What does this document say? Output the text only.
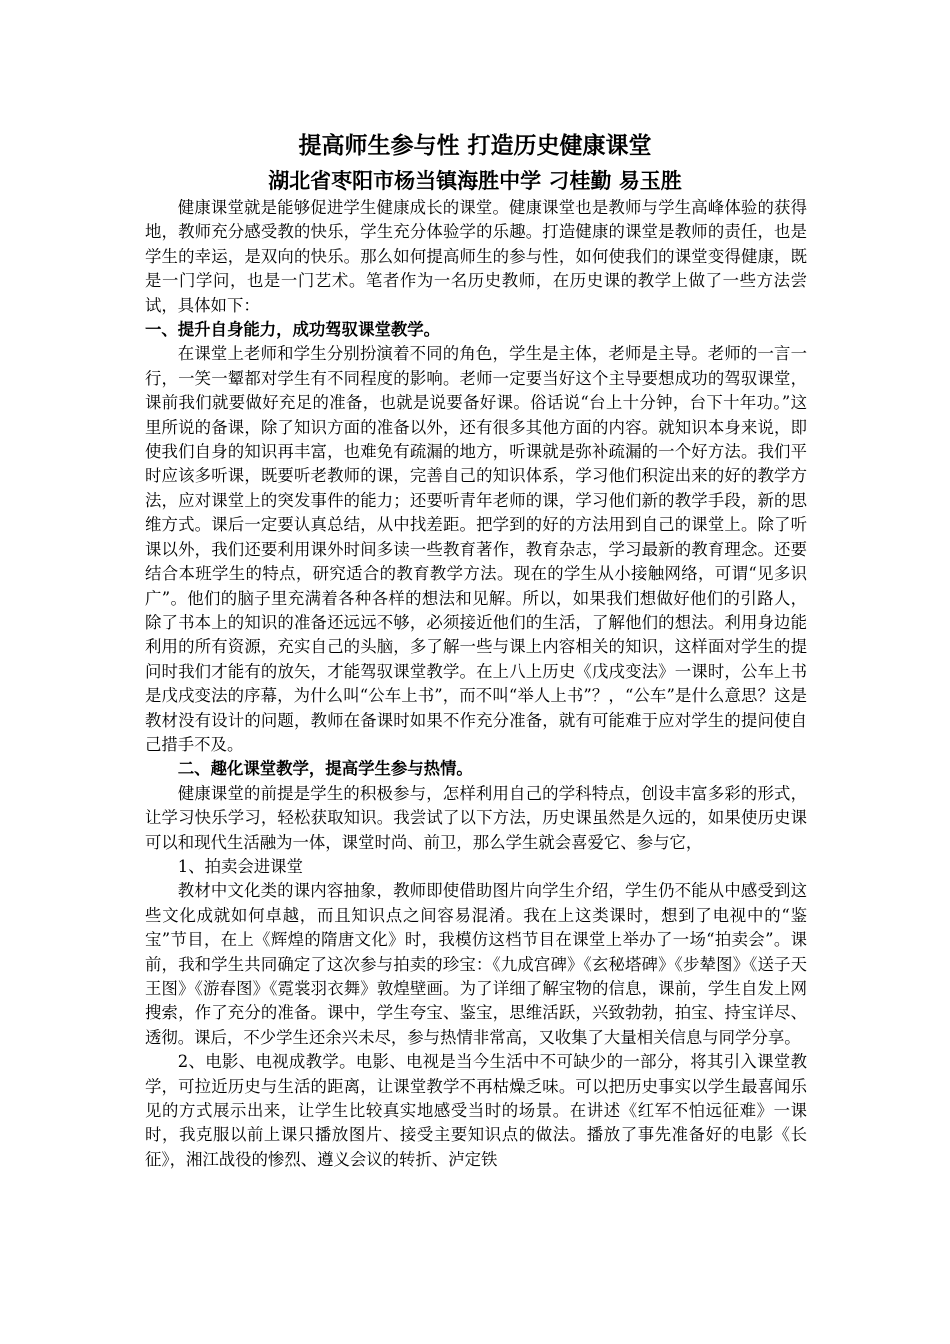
提高师生参与性 打造历史健康课堂
湖北省枣阳市杨当镇海胜中学 刁桂勤 易玉胜

健康课堂就是能够促进学生健康成长的课堂。健康课堂也是教师与学生高峰体验的获得地，教师充分感受教的快乐，学生充分体验学的乐趣。打造健康的课堂是教师的责任，也是学生的幸运，是双向的快乐。那么如何提高师生的参与性，如何使我们的课堂变得健康，既是一门学问，也是一门艺术。笔者作为一名历史教师，在历史课的教学上做了一些方法尝试，具体如下：

一、提升自身能力，成功驾驭课堂教学。

在课堂上老师和学生分别扮演着不同的角色，学生是主体，老师是主导。老师的一言一行，一笑一颦都对学生有不同程度的影响。老师一定要当好这个主导要想成功的驾驭课堂，课前我们就要做好充足的准备，也就是说要备好课。俗话说“台上十分钟，台下十年功。”这里所说的备课，除了知识方面的准备以外，还有很多其他方面的内容。就知识本身来说，即使我们自身的知识再丰富，也难免有疏漏的地方，听课就是弥补疏漏的一个好方法。我们平时应该多听课，既要听老教师的课，完善自己的知识体系，学习他们积淀出来的好的教学方法，应对课堂上的突发事件的能力；还要听青年老师的课，学习他们新的教学手段，新的思维方式。课后一定要认真总结，从中找差距。把学到的好的方法用到自己的课堂上。除了听课以外，我们还要利用课外时间多读一些教育著作，教育杂志，学习最新的教育理念。还要结合本班学生的特点，研究适合的教育教学方法。现在的学生从小接触网络，可谓“见多识广”。他们的脑子里充满着各种各样的想法和见解。所以，如果我们想做好他们的引路人，除了书本上的知识的准备还远远不够，必须接近他们的生活，了解他们的想法。利用身边能利用的所有资源，充实自己的头脑，多了解一些与课上内容相关的知识，这样面对学生的提问时我们才能有的放矢，才能驾驭课堂教学。在上八上历史《戊戌变法》一课时，公车上书是戊戌变法的序幕，为什么叫“公车上书”，而不叫“举人上书”？，“公车”是什么意思？这是教材没有设计的问题，教师在备课时如果不作充分准备，就有可能难于应对学生的提问使自己措手不及。

二、趣化课堂教学，提高学生参与热情。

健康课堂的前提是学生的积极参与，怎样利用自己的学科特点，创设丰富多彩的形式，让学习快乐学习，轻松获取知识。我尝试了以下方法，历史课虽然是久远的，如果使历史课可以和现代生活融为一体，课堂时尚、前卫，那么学生就会喜爱它、参与它，

1、拍卖会进课堂

教材中文化类的课内容抽象，教师即使借助图片向学生介绍，学生仍不能从中感受到这些文化成就如何卓越，而且知识点之间容易混淆。我在上这类课时，想到了电视中的“鉴宝”节目，在上《辉煌的隋唐文化》时，我模仿这档节目在课堂上举办了一场“拍卖会”。课前，我和学生共同确定了这次参与拍卖的珍宝：《九成宫碑》《玄秘塔碑》《步辇图》《送子天王图》《游春图》《霓裳羽衣舞》敦煌壁画。为了详细了解宝物的信息，课前，学生自发上网搜索，作了充分的准备。课中，学生夸宝、鉴宝，思维活跃，兴致勃勃，拍宝、持宝详尽、透彻。课后，不少学生还余兴未尽，参与热情非常高，又收集了大量相关信息与同学分享。

2、电影、电视成教学。电影、电视是当今生活中不可缺少的一部分，将其引入课堂教学，可拉近历史与生活的距离，让课堂教学不再枯燥乏味。可以把历史事实以学生最喜闻乐见的方式展示出来，让学生比较真实地感受当时的场景。在讲述《红军不怕远征难》一课时，我克服以前上课只播放图片、接受主要知识点的做法。播放了事先准备好的电影《长征》，湘江战役的惨烈、遵义会议的转折、泸定铁
